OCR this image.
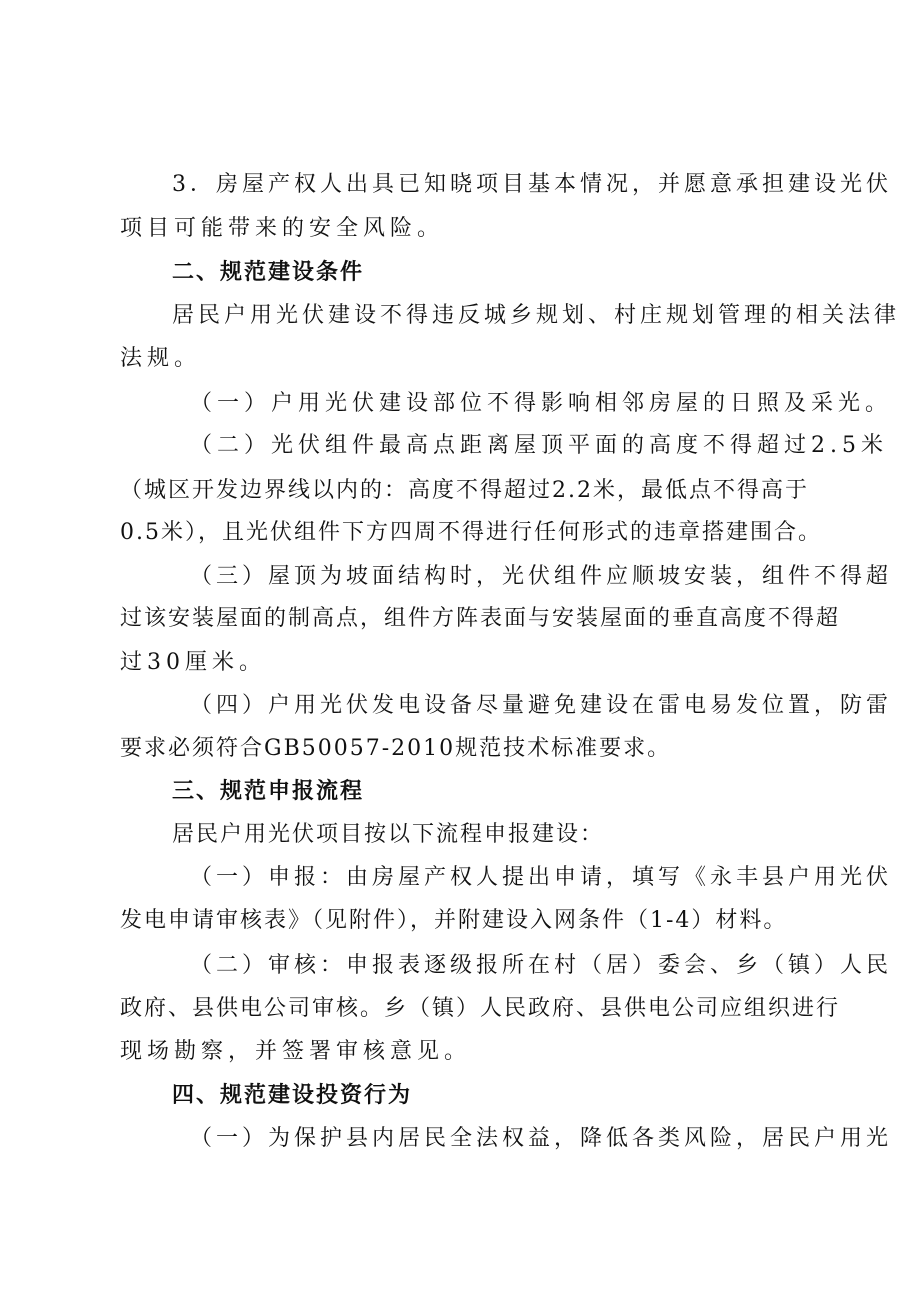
3．房屋产权人出具已知晓项目基本情况，并愿意承担建设光伏
项目可能带来的安全风险。
二、规范建设条件
居民户用光伏建设不得违反城乡规划、村庄规划管理的相关法律
法规。
（一）户用光伏建设部位不得影响相邻房屋的日照及采光。
（二）光伏组件最高点距离屋顶平面的高度不得超过2.5米
（城区开发边界线以内的：高度不得超过2.2米，最低点不得高于
0.5米），且光伏组件下方四周不得进行任何形式的违章搭建围合。
（三）屋顶为坡面结构时，光伏组件应顺坡安装，组件不得超
过该安装屋面的制高点，组件方阵表面与安装屋面的垂直高度不得超
过30厘米。
（四）户用光伏发电设备尽量避免建设在雷电易发位置，防雷
要求必须符合GB50057-2010规范技术标准要求。
三、规范申报流程
居民户用光伏项目按以下流程申报建设：
（一）申报：由房屋产权人提出申请，填写《永丰县户用光伏
发电申请审核表》（见附件），并附建设入网条件（1-4）材料。
（二）审核：申报表逐级报所在村（居）委会、乡（镇）人民
政府、县供电公司审核。乡（镇）人民政府、县供电公司应组织进行
现场勘察，并签署审核意见。
四、规范建设投资行为
（一）为保护县内居民全法权益，降低各类风险，居民户用光
